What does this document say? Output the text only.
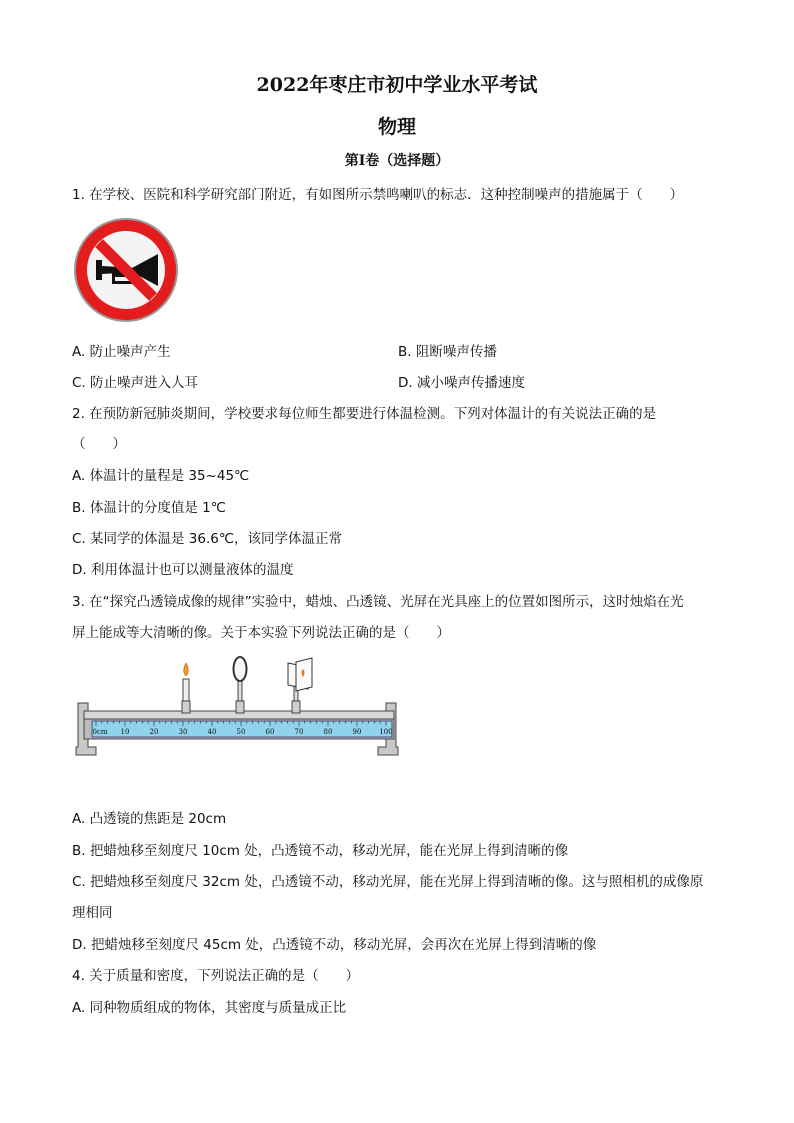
2022年枣庄市初中学业水平考试
物理
第I卷（选择题）
1. 在学校、医院和科学研究部门附近，有如图所示禁鸣喇叭的标志．这种控制噪声的措施属于（　　）
A. 防止噪声产生	B. 阻断噪声传播
C. 防止噪声进入人耳	D. 减小噪声传播速度
2. 在预防新冠肺炎期间，学校要求每位师生都要进行体温检测。下列对体温计的有关说法正确的是
（　　）
A. 体温计的量程是 35~45℃
B. 体温计的分度值是 1℃
C. 某同学的体温是 36.6℃，该同学体温正常
D. 利用体温计也可以测量液体的温度
3. 在“探究凸透镜成像的规律”实验中，蜡烛、凸透镜、光屏在光具座上的位置如图所示，这时烛焰在光
屏上能成等大清晰的像。关于本实验下列说法正确的是（　　）
0cm 10	20	30	40	50	60	70	80	90	100
A. 凸透镜的焦距是 20cm
B. 把蜡烛移至刻度尺 10cm 处，凸透镜不动，移动光屏，能在光屏上得到清晰的像
C. 把蜡烛移至刻度尺 32cm 处，凸透镜不动，移动光屏，能在光屏上得到清晰的像。这与照相机的成像原
理相同
D. 把蜡烛移至刻度尺 45cm 处，凸透镜不动，移动光屏，会再次在光屏上得到清晰的像
4. 关于质量和密度，下列说法正确的是（　　）
A. 同种物质组成的物体，其密度与质量成正比
